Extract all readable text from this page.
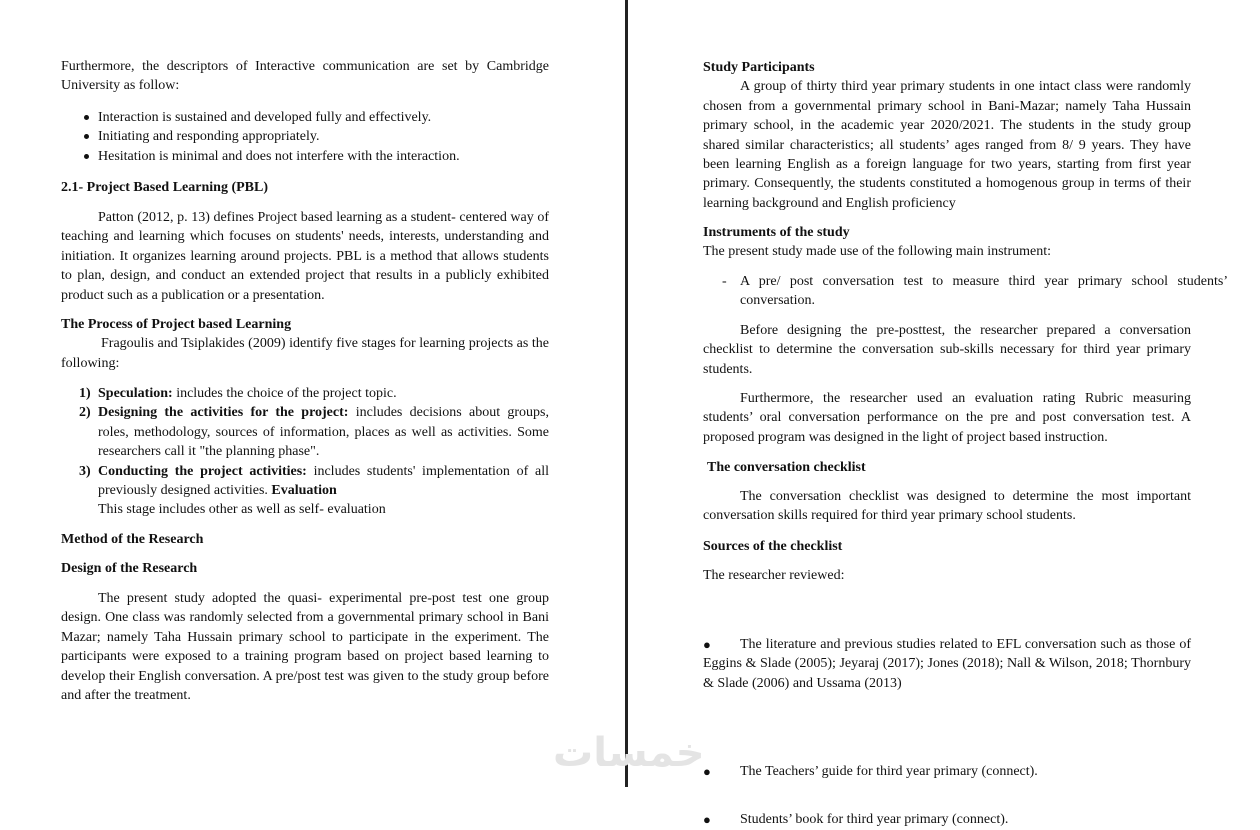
Furthermore, the descriptors of Interactive communication are set by Cambridge University as follow:
Interaction is sustained and developed fully and effectively.
Initiating and responding appropriately.
Hesitation is minimal and does not interfere with the interaction.
2.1- Project Based Learning (PBL)
Patton (2012, p. 13) defines Project based learning as a student- centered way of teaching and learning which focuses on students' needs, interests, understanding and initiation. It organizes learning around projects. PBL is a method that allows students to plan, design, and conduct an extended project that results in a publicly exhibited product such as a publication or a presentation.
The Process of Project based Learning
Fragoulis and Tsiplakides (2009) identify five stages for learning projects as the following:
1) Speculation: includes the choice of the project topic.
2) Designing the activities for the project: includes decisions about groups, roles, methodology, sources of information, places as well as activities. Some researchers call it "the planning phase".
3) Conducting the project activities: includes students' implementation of all previously designed activities. Evaluation
This stage includes other as well as self- evaluation
Method of the Research
Design of the Research
The present study adopted the quasi- experimental pre-post test one group design. One class was randomly selected from a governmental primary school in Bani Mazar; namely Taha Hussain primary school to participate in the experiment. The participants were exposed to a training program based on project based learning to develop their English conversation. A pre/post test was given to the study group before and after the treatment.
Study Participants
A group of thirty third year primary students in one intact class were randomly chosen from a governmental primary school in Bani-Mazar; namely Taha Hussain primary school, in the academic year 2020/2021. The students in the study group shared similar characteristics; all students’ ages ranged from 8/ 9 years. They have been learning English as a foreign language for two years, starting from first year primary. Consequently, the students constituted a homogenous group in terms of their learning background and English proficiency
Instruments of the study
The present study made use of the following main instrument:
- A pre/ post conversation test to measure third year primary school students’ conversation.
Before designing the pre-posttest, the researcher prepared a conversation checklist to determine the conversation sub-skills necessary for third year primary students.
Furthermore, the researcher used an evaluation rating Rubric measuring students’ oral conversation performance on the pre and post conversation test. A proposed program was designed in the light of project based instruction.
The conversation checklist
The conversation checklist was designed to determine the most important conversation skills required for third year primary school students.
Sources of the checklist
The researcher reviewed:
● The literature and previous studies related to EFL conversation such as those of Eggins & Slade (2005); Jeyaraj (2017); Jones (2018); Nall & Wilson, 2018; Thornbury & Slade (2006) and Ussama (2013)
● The Teachers’ guide for third year primary (connect).
● Students’ book for third year primary (connect).
خمسات
